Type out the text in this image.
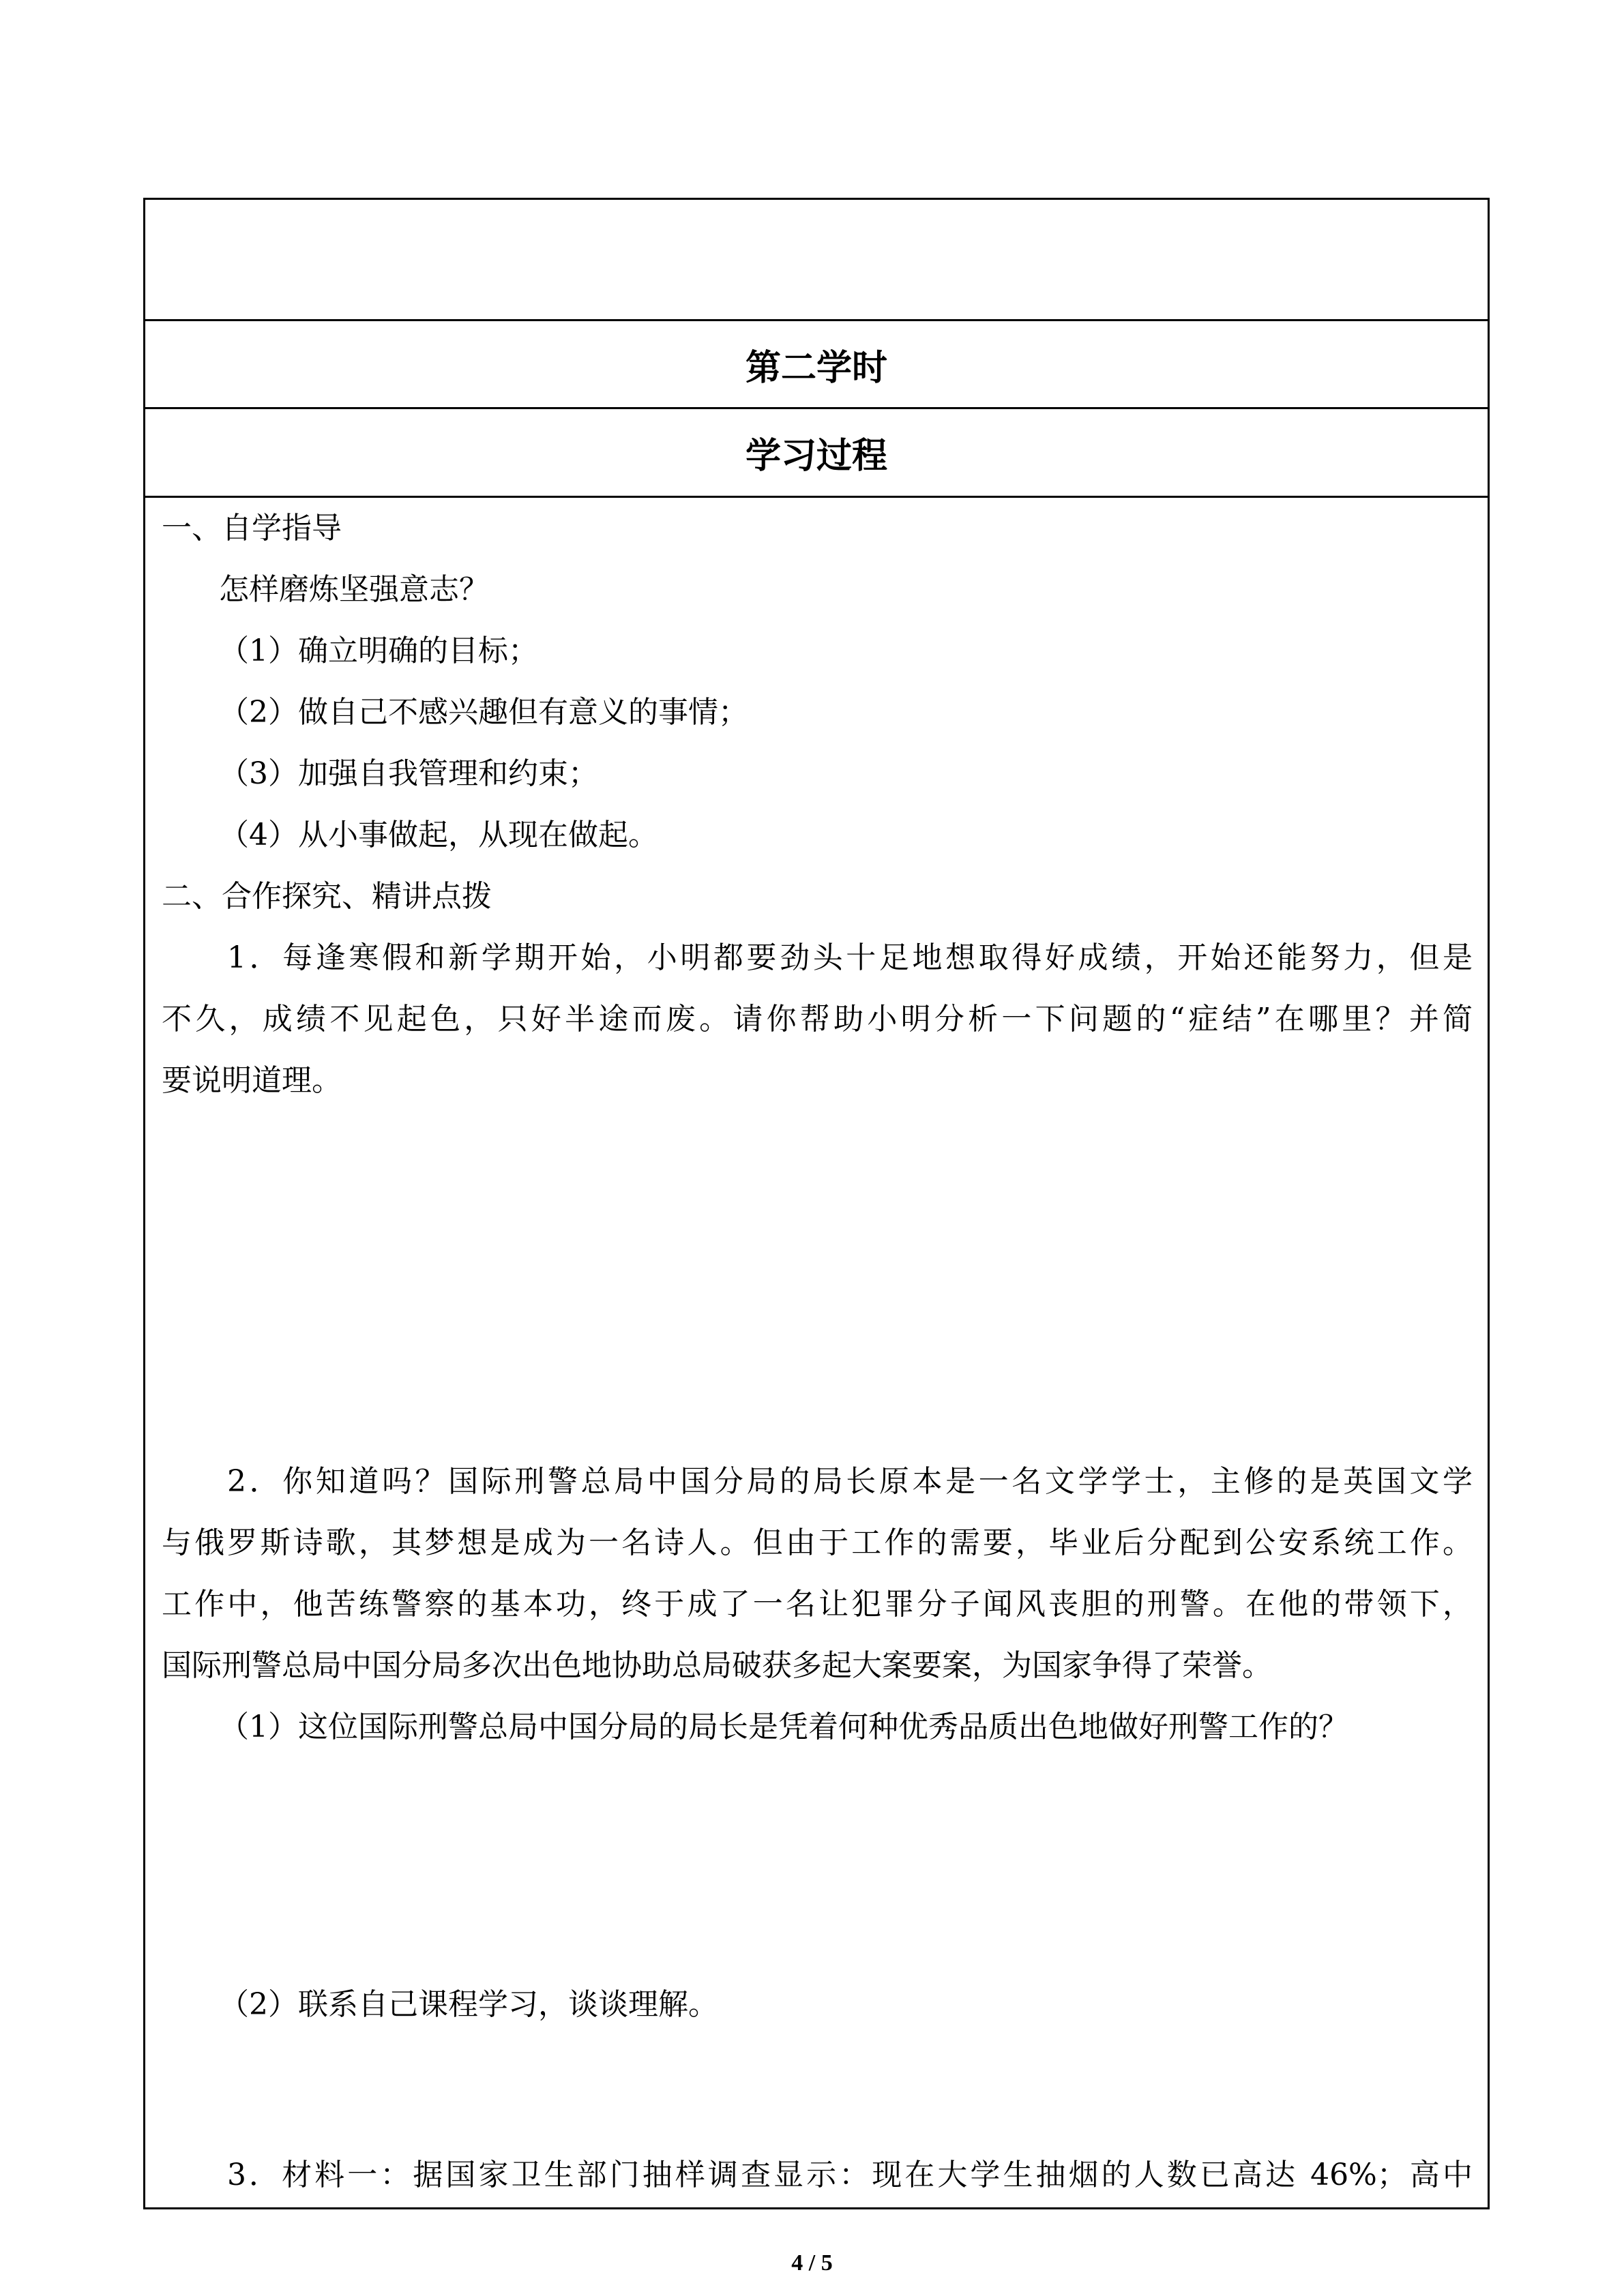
第二学时
学习过程
一、自学指导
怎样磨炼坚强意志？
（1）确立明确的目标；
（2）做自己不感兴趣但有意义的事情；
（3）加强自我管理和约束；
（4）从小事做起，从现在做起。
二、合作探究、精讲点拨
1．每逢寒假和新学期开始，小明都要劲头十足地想取得好成绩，开始还能努力，但是
不久，成绩不见起色，只好半途而废。请你帮助小明分析一下问题的“症结”在哪里？并简
要说明道理。
2．你知道吗？国际刑警总局中国分局的局长原本是一名文学学士，主修的是英国文学
与俄罗斯诗歌，其梦想是成为一名诗人。但由于工作的需要，毕业后分配到公安系统工作。
工作中，他苦练警察的基本功，终于成了一名让犯罪分子闻风丧胆的刑警。在他的带领下，
国际刑警总局中国分局多次出色地协助总局破获多起大案要案，为国家争得了荣誉。
（1）这位国际刑警总局中国分局的局长是凭着何种优秀品质出色地做好刑警工作的？
（2）联系自己课程学习，谈谈理解。
3．材料一：据国家卫生部门抽样调查显示：现在大学生抽烟的人数已高达 46%；高中
4 / 5
